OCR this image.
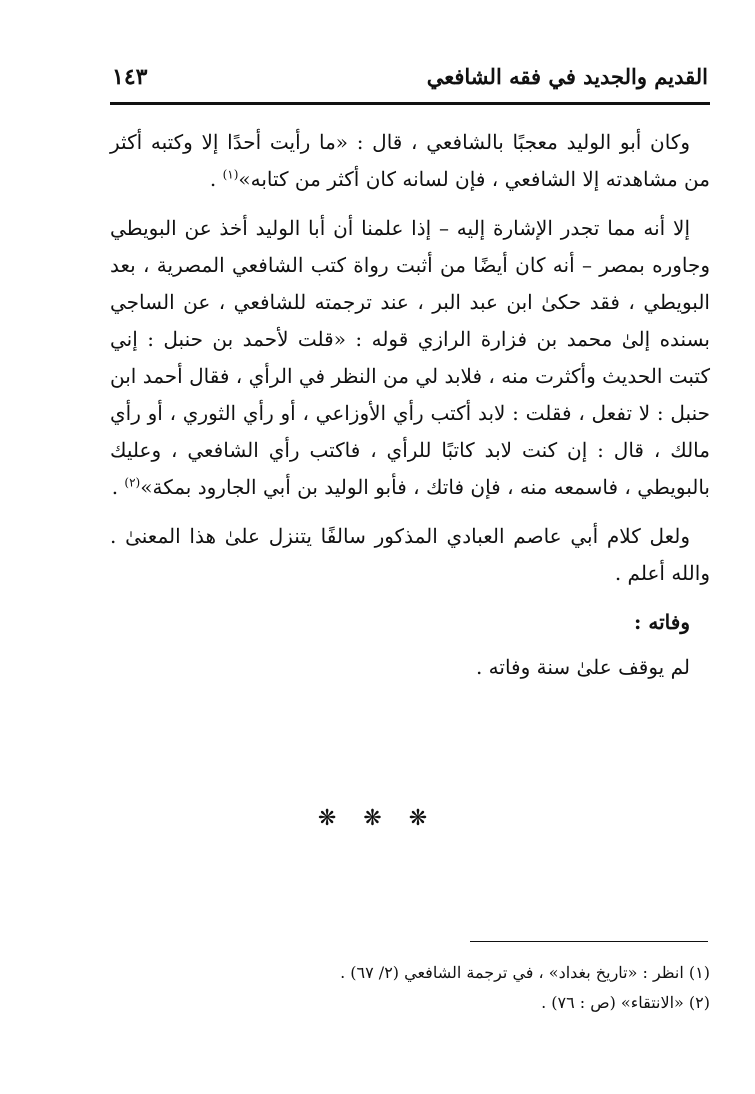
القديم والجديد في فقه الشافعي
١٤٣

وكان أبو الوليد معجبًا بالشافعي ، قال : «ما رأيت أحدًا إلا وكتبه أكثر من مشاهدته إلا الشافعي ، فإن لسانه كان أكثر من كتابه»$^{(١)}$ .

إلا أنه مما تجدر الإشارة إليه – إذا علمنا أن أبا الوليد أخذ عن البويطي وجاوره بمصر – أنه كان أيضًا من أثبت رواة كتب الشافعي المصرية ، بعد البويطي ، فقد حكىٰ ابن عبد البر ، عند ترجمته للشافعي ، عن الساجي بسنده إلىٰ محمد بن فزارة الرازي قوله : «قلت لأحمد بن حنبل : إني كتبت الحديث وأكثرت منه ، فلابد لي من النظر في الرأي ، فقال أحمد ابن حنبل : لا تفعل ، فقلت : لابد أكتب رأي الأوزاعي ، أو رأي الثوري ، أو رأي مالك ، قال : إن كنت لابد كاتبًا للرأي ، فاكتب رأي الشافعي ، وعليك بالبويطي ، فاسمعه منه ، فإن فاتك ، فأبو الوليد بن أبي الجارود بمكة»$^{(٢)}$ .

ولعل كلام أبي عاصم العبادي المذكور سالفًا يتنزل علىٰ هذا المعنىٰ . والله أعلم .

وفاته :

لم يوقف علىٰ سنة وفاته .

❋ ❋ ❋

(١) انظر : «تاريخ بغداد» ، في ترجمة الشافعي (٢/ ٦٧) .

(٢) «الانتقاء» (ص : ٧٦) .
